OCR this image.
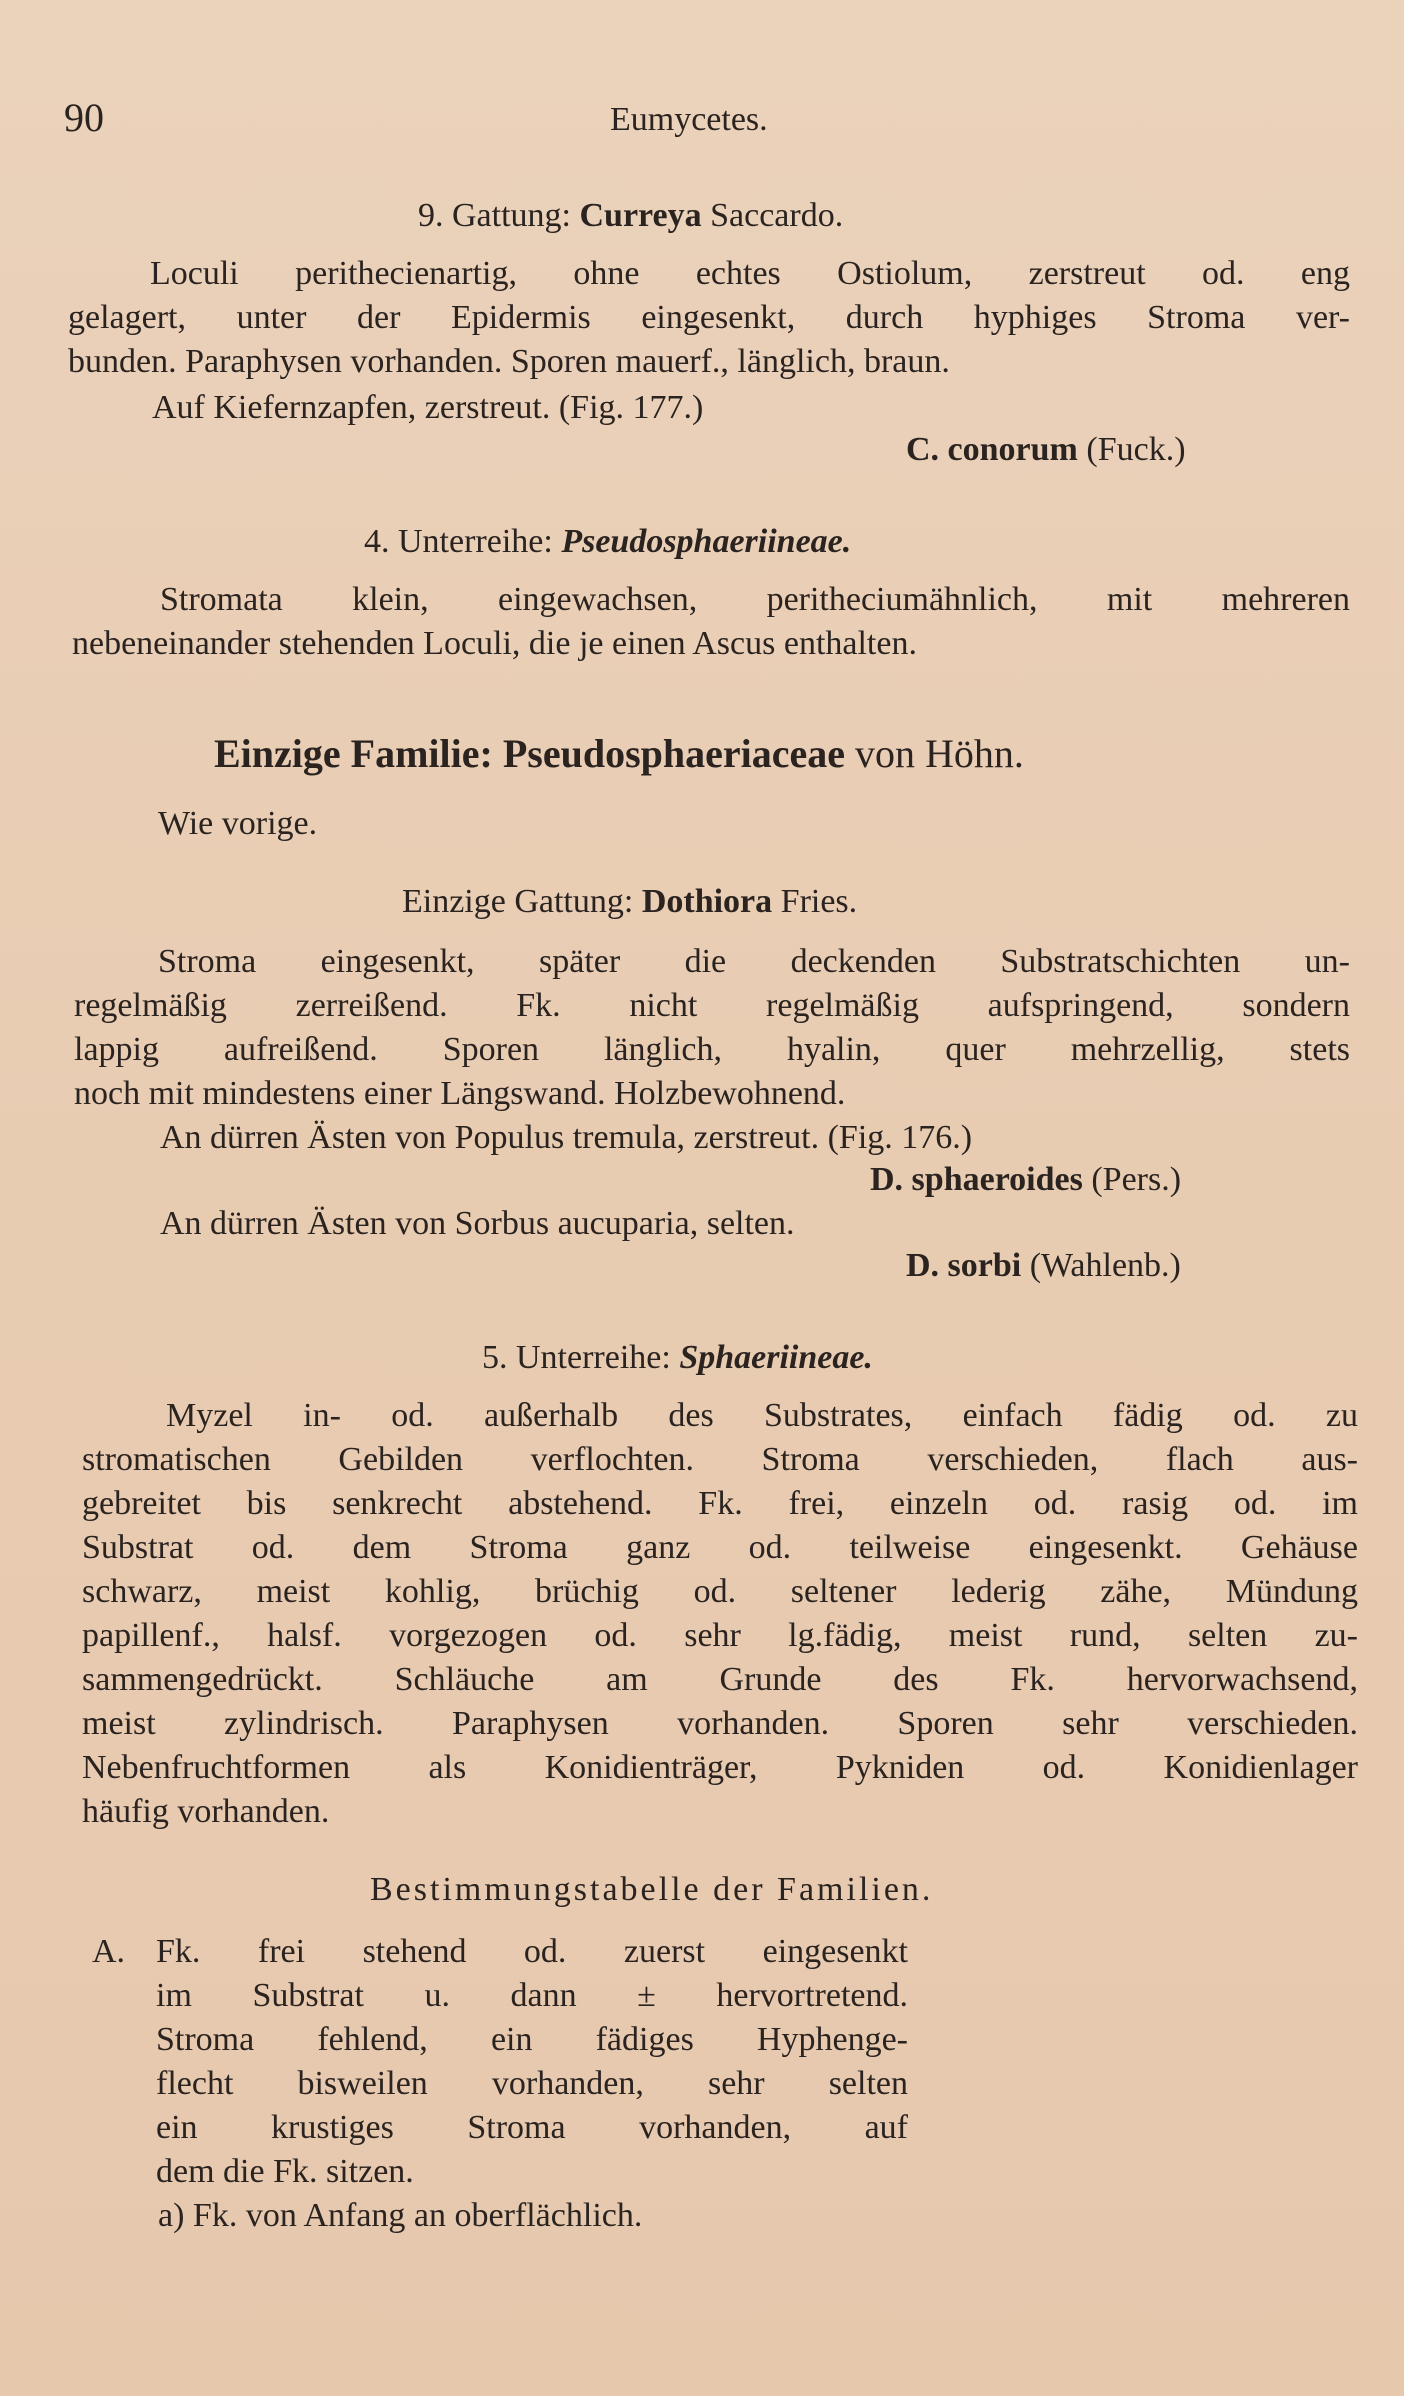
90	Eumycetes.
9. Gattung: Curreya Saccardo.
Loculi perithecienartig, ohne echtes Ostiolum, zerstreut od. eng
gelagert, unter der Epidermis eingesenkt, durch hyphiges Stroma ver-
bunden. Paraphysen vorhanden. Sporen mauerf., länglich, braun.
Auf Kiefernzapfen, zerstreut. (Fig. 177.)
C. conorum (Fuck.)
4. Unterreihe: Pseudosphaeriineae.
Stromata klein, eingewachsen, peritheciumähnlich, mit mehreren
nebeneinander stehenden Loculi, die je einen Ascus enthalten.
Einzige Familie: Pseudosphaeriaceae von Höhn.
Wie vorige.
Einzige Gattung: Dothiora Fries.
Stroma eingesenkt, später die deckenden Substratschichten un-
regelmäßig zerreißend. Fk. nicht regelmäßig aufspringend, sondern
lappig aufreißend. Sporen länglich, hyalin, quer mehrzellig, stets
noch mit mindestens einer Längswand. Holzbewohnend.
An dürren Ästen von Populus tremula, zerstreut. (Fig. 176.)
D. sphaeroides (Pers.)
An dürren Ästen von Sorbus aucuparia, selten.
D. sorbi (Wahlenb.)
5. Unterreihe: Sphaeriineae.
Myzel in- od. außerhalb des Substrates, einfach fädig od. zu
stromatischen Gebilden verflochten. Stroma verschieden, flach aus-
gebreitet bis senkrecht abstehend. Fk. frei, einzeln od. rasig od. im
Substrat od. dem Stroma ganz od. teilweise eingesenkt. Gehäuse
schwarz, meist kohlig, brüchig od. seltener lederig zähe, Mündung
papillenf., halsf. vorgezogen od. sehr lg.fädig, meist rund, selten zu-
sammengedrückt. Schläuche am Grunde des Fk. hervorwachsend,
meist zylindrisch. Paraphysen vorhanden. Sporen sehr verschieden.
Nebenfruchtformen als Konidienträger, Pykniden od. Konidienlager
häufig vorhanden.
Bestimmungstabelle der Familien.
A. Fk. frei stehend od. zuerst eingesenkt
im Substrat u. dann ± hervortretend.
Stroma fehlend, ein fädiges Hyphenge-
flecht bisweilen vorhanden, sehr selten
ein krustiges Stroma vorhanden, auf
dem die Fk. sitzen.
a) Fk. von Anfang an oberflächlich.
